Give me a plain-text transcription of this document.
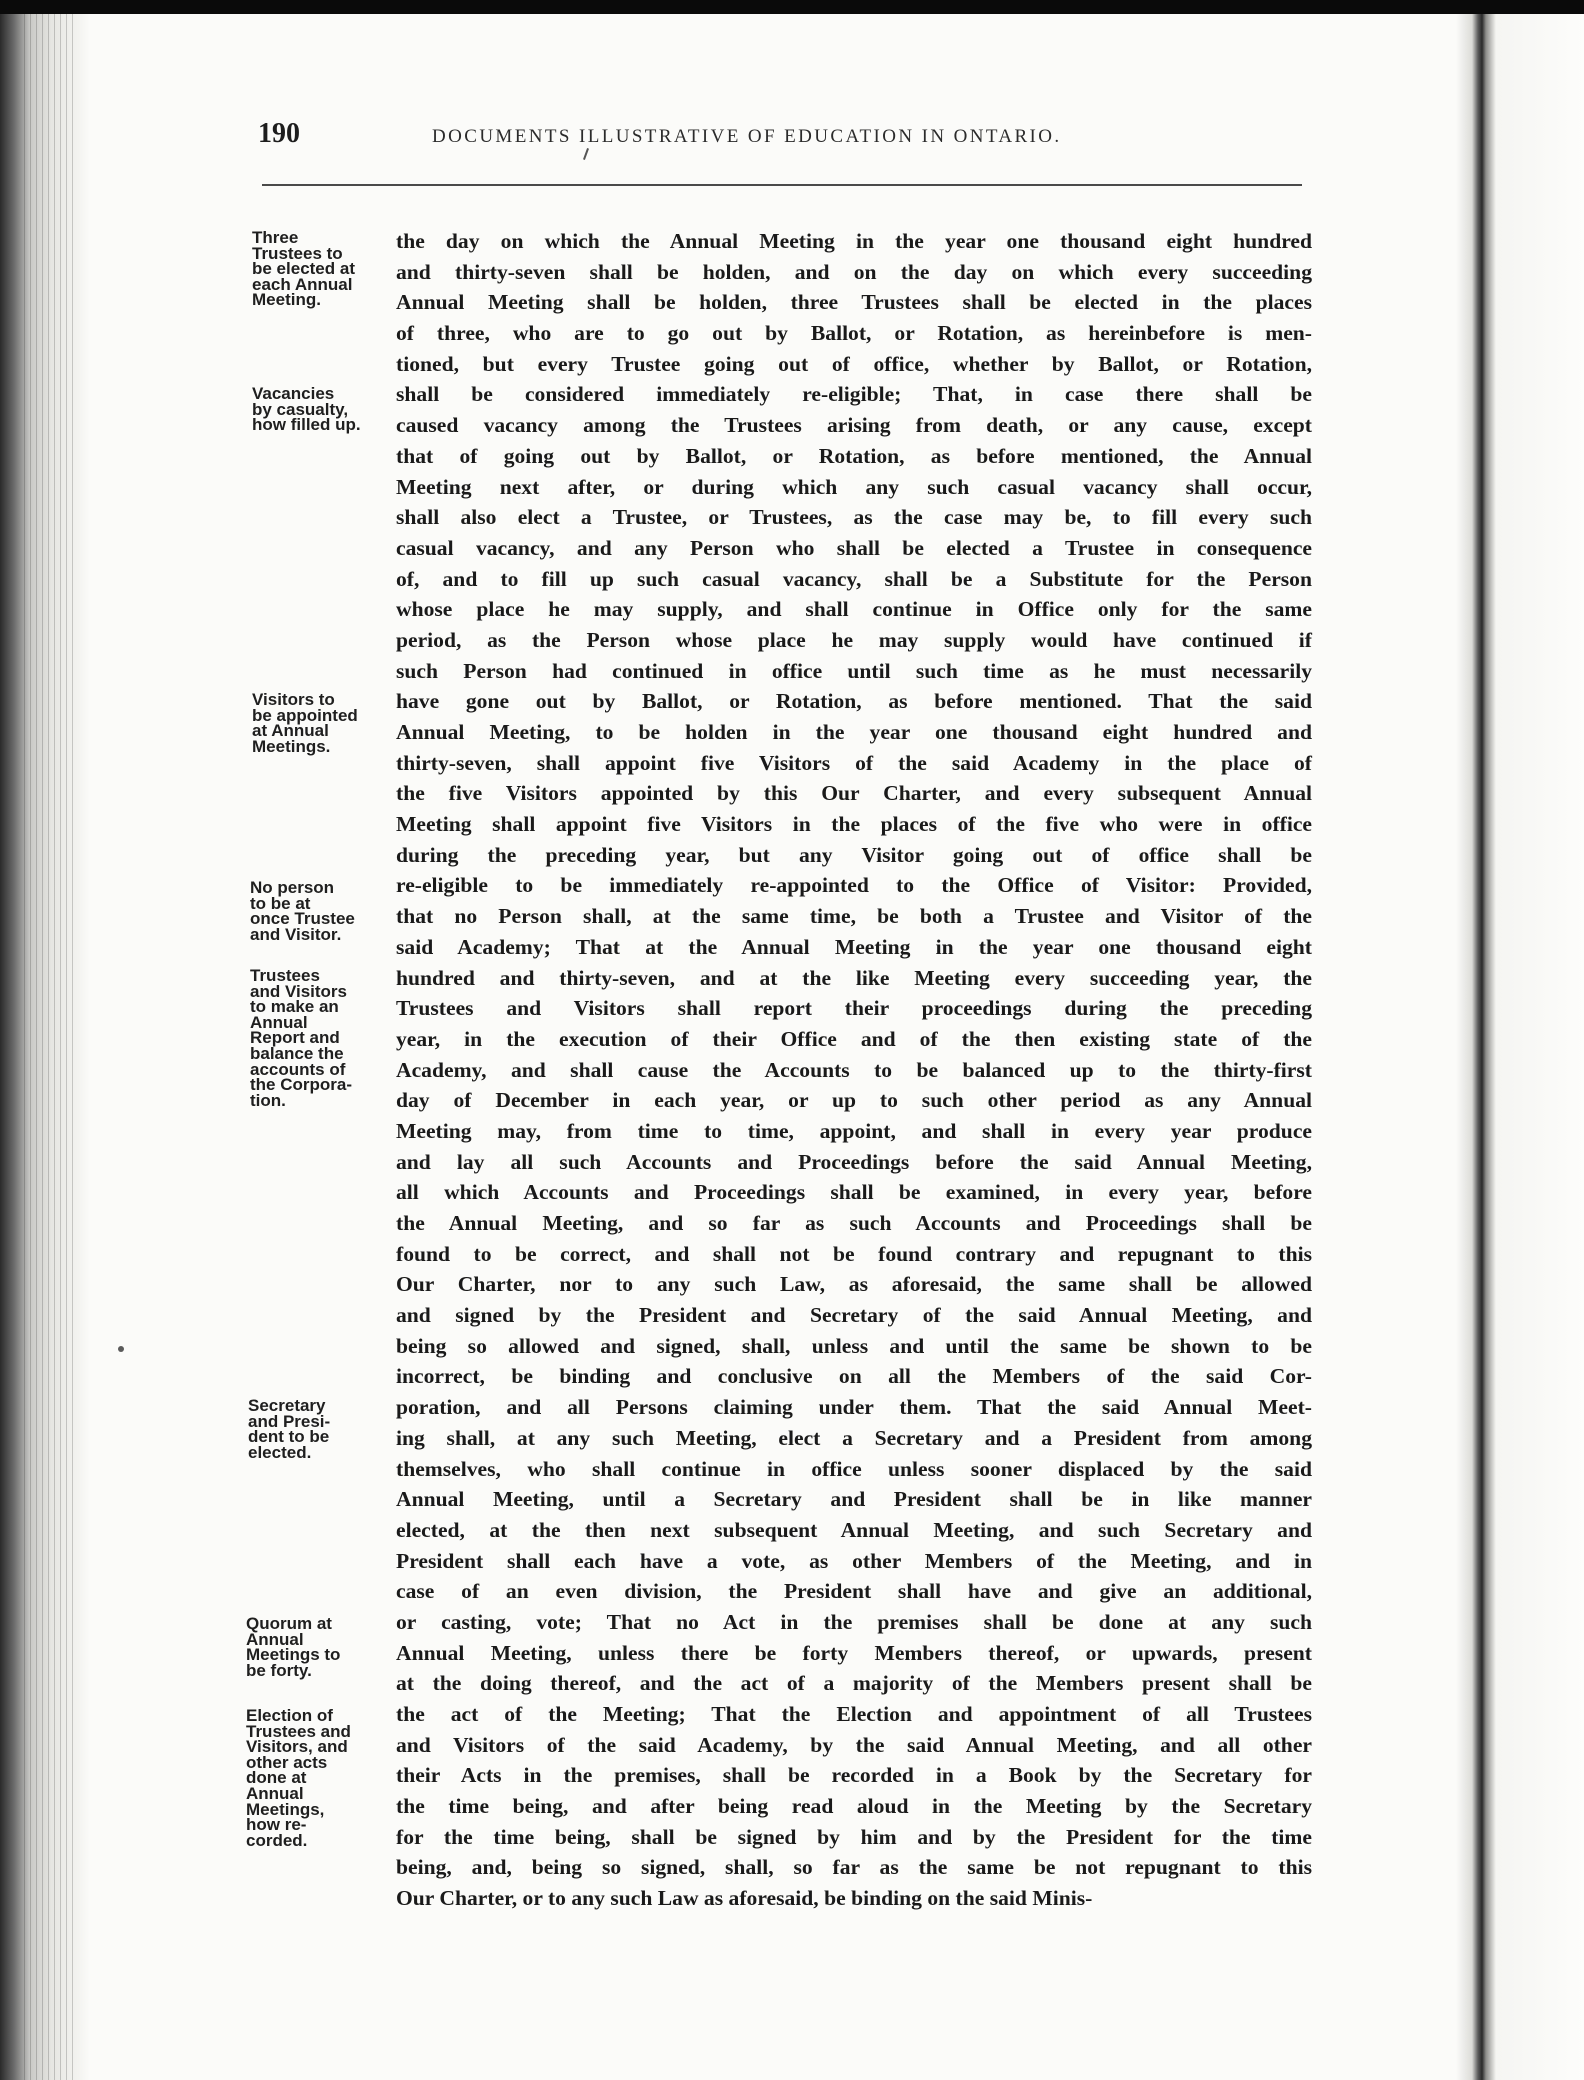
190	DOCUMENTS ILLUSTRATIVE OF EDUCATION IN ONTARIO.
the day on which the Annual Meeting in the year one thousand eight hundred
and thirty-seven shall be holden, and on the day on which every succeeding
Annual Meeting shall be holden, three Trustees shall be elected in the places
of three, who are to go out by Ballot, or Rotation, as hereinbefore is men-
tioned, but every Trustee going out of office, whether by Ballot, or Rotation,
shall be considered immediately re-eligible; That, in case there shall be
caused vacancy among the Trustees arising from death, or any cause, except
that of going out by Ballot, or Rotation, as before mentioned, the Annual
Meeting next after, or during which any such casual vacancy shall occur,
shall also elect a Trustee, or Trustees, as the case may be, to fill every such
casual vacancy, and any Person who shall be elected a Trustee in consequence
of, and to fill up such casual vacancy, shall be a Substitute for the Person
whose place he may supply, and shall continue in Office only for the same
period, as the Person whose place he may supply would have continued if
such Person had continued in office until such time as he must necessarily
have gone out by Ballot, or Rotation, as before mentioned. That the said
Annual Meeting, to be holden in the year one thousand eight hundred and
thirty-seven, shall appoint five Visitors of the said Academy in the place of
the five Visitors appointed by this Our Charter, and every subsequent Annual
Meeting shall appoint five Visitors in the places of the five who were in office
during the preceding year, but any Visitor going out of office shall be
re-eligible to be immediately re-appointed to the Office of Visitor: Provided,
that no Person shall, at the same time, be both a Trustee and Visitor of the
said Academy; That at the Annual Meeting in the year one thousand eight
hundred and thirty-seven, and at the like Meeting every succeeding year, the
Trustees and Visitors shall report their proceedings during the preceding
year, in the execution of their Office and of the then existing state of the
Academy, and shall cause the Accounts to be balanced up to the thirty-first
day of December in each year, or up to such other period as any Annual
Meeting may, from time to time, appoint, and shall in every year produce
and lay all such Accounts and Proceedings before the said Annual Meeting,
all which Accounts and Proceedings shall be examined, in every year, before
the Annual Meeting, and so far as such Accounts and Proceedings shall be
found to be correct, and shall not be found contrary and repugnant to this
Our Charter, nor to any such Law, as aforesaid, the same shall be allowed
and signed by the President and Secretary of the said Annual Meeting, and
being so allowed and signed, shall, unless and until the same be shown to be
incorrect, be binding and conclusive on all the Members of the said Cor-
poration, and all Persons claiming under them. That the said Annual Meet-
ing shall, at any such Meeting, elect a Secretary and a President from among
themselves, who shall continue in office unless sooner displaced by the said
Annual Meeting, until a Secretary and President shall be in like manner
elected, at the then next subsequent Annual Meeting, and such Secretary and
President shall each have a vote, as other Members of the Meeting, and in
case of an even division, the President shall have and give an additional,
or casting, vote; That no Act in the premises shall be done at any such
Annual Meeting, unless there be forty Members thereof, or upwards, present
at the doing thereof, and the act of a majority of the Members present shall be
the act of the Meeting; That the Election and appointment of all Trustees
and Visitors of the said Academy, by the said Annual Meeting, and all other
their Acts in the premises, shall be recorded in a Book by the Secretary for
the time being, and after being read aloud in the Meeting by the Secretary
for the time being, shall be signed by him and by the President for the time
being, and, being so signed, shall, so far as the same be not repugnant to this
Our Charter, or to any such Law as aforesaid, be binding on the said Minis-
Three
Trustees to
be elected at
each Annual
Meeting.
Vacancies
by casualty,
how filled up.
Visitors to
be appointed
at Annual
Meetings.
No person
to be at
once Trustee
and Visitor.
Trustees
and Visitors
to make an
Annual
Report and
balance the
accounts of
the Corpora-
tion.
Secretary
and Presi-
dent to be
elected.
Quorum at
Annual
Meetings to
be forty.
Election of
Trustees and
Visitors, and
other acts
done at
Annual
Meetings,
how re-
corded.
